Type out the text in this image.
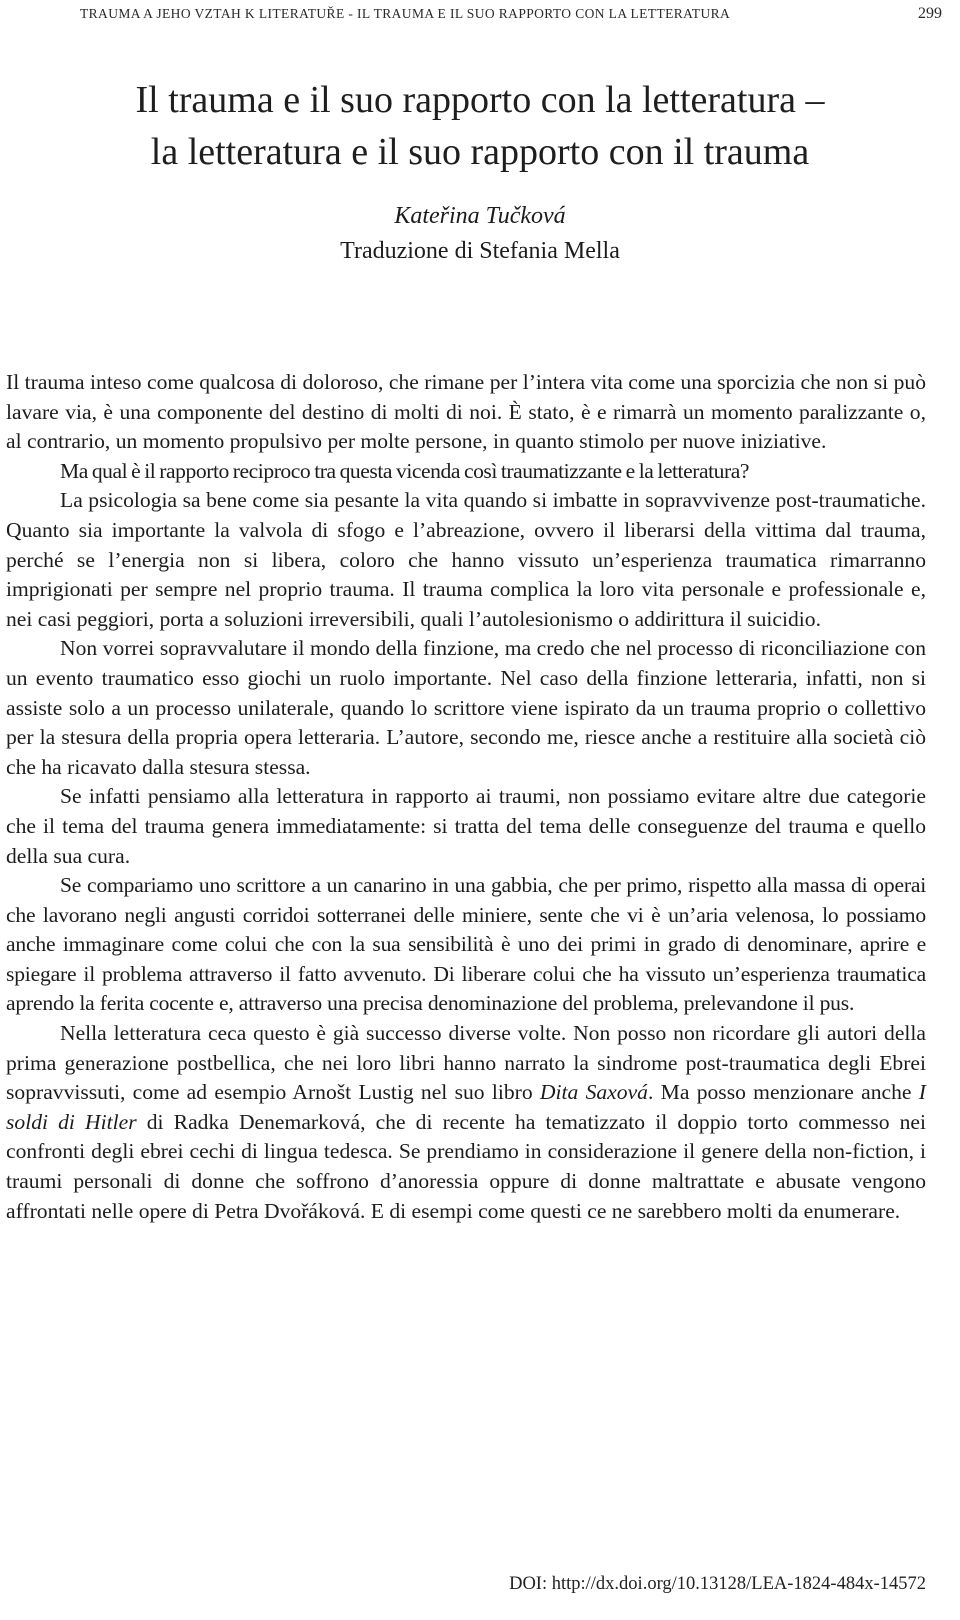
TRAUMA A JEHO VZTAH K LITERATUŘE - IL TRAUMA E IL SUO RAPPORTO CON LA LETTERATURA	299
Il trauma e il suo rapporto con la letteratura –
la letteratura e il suo rapporto con il trauma
Kateřina Tučková
Traduzione di Stefania Mella

Il trauma inteso come qualcosa di doloroso, che rimane per l’intera vita come una sporcizia che non si può lavare via, è una componente del destino di molti di noi. È stato, è e rimarrà un momento paralizzante o, al contrario, un momento propulsivo per molte persone, in quanto stimolo per nuove iniziative.

Ma qual è il rapporto reciproco tra questa vicenda così traumatizzante e la letteratura?

La psicologia sa bene come sia pesante la vita quando si imbatte in sopravvivenze post-traumatiche. Quanto sia importante la valvola di sfogo e l’abreazione, ovvero il liberarsi della vittima dal trauma, perché se l’energia non si libera, coloro che hanno vissuto un’esperienza traumatica rimarranno imprigionati per sempre nel proprio trauma. Il trauma complica la loro vita personale e professionale e, nei casi peggiori, porta a soluzioni irreversibili, quali l’autolesionismo o addirittura il suicidio.

Non vorrei sopravvalutare il mondo della finzione, ma credo che nel processo di riconciliazione con un evento traumatico esso giochi un ruolo importante. Nel caso della finzione letteraria, infatti, non si assiste solo a un processo unilaterale, quando lo scrittore viene ispirato da un trauma proprio o collettivo per la stesura della propria opera letteraria. L’autore, secondo me, riesce anche a restituire alla società ciò che ha ricavato dalla stesura stessa.

Se infatti pensiamo alla letteratura in rapporto ai traumi, non possiamo evitare altre due categorie che il tema del trauma genera immediatamente: si tratta del tema delle conseguenze del trauma e quello della sua cura.

Se compariamo uno scrittore a un canarino in una gabbia, che per primo, rispetto alla massa di operai che lavorano negli angusti corridoi sotterranei delle miniere, sente che vi è un’aria velenosa, lo possiamo anche immaginare come colui che con la sua sensibilità è uno dei primi in grado di denominare, aprire e spiegare il problema attraverso il fatto avvenuto. Di liberare colui che ha vissuto un’esperienza traumatica aprendo la ferita cocente e, attraverso una precisa denominazione del problema, prelevandone il pus.

Nella letteratura ceca questo è già successo diverse volte. Non posso non ricordare gli autori della prima generazione postbellica, che nei loro libri hanno narrato la sindrome post-traumatica degli Ebrei sopravvissuti, come ad esempio Arnošt Lustig nel suo libro Dita Saxová. Ma posso menzionare anche I soldi di Hitler di Radka Denemarková, che di recente ha tematizzato il doppio torto commesso nei confronti degli ebrei cechi di lingua tedesca. Se prendiamo in considerazione il genere della non-fiction, i traumi personali di donne che soffrono d’anoressia oppure di donne maltrattate e abusate vengono affrontati nelle opere di Petra Dvořáková. E di esempi come questi ce ne sarebbero molti da enumerare.

DOI: http://dx.doi.org/10.13128/LEA-1824-484x-14572
